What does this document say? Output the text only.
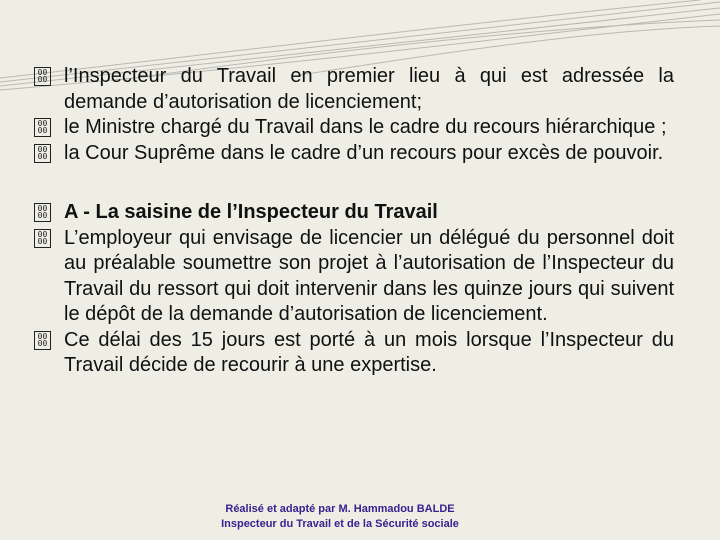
00
00 l’Inspecteur du Travail en premier lieu à qui est adressée la demande d’autorisation de licenciement;
00
00 le Ministre chargé du Travail dans le cadre du recours hiérarchique ;
00
00 la Cour Suprême dans le cadre d’un recours pour excès de pouvoir.
00
00 A - La saisine de l’Inspecteur du Travail
00
00 L’employeur qui envisage de licencier un délégué du personnel doit au préalable soumettre son projet à l’autorisation de l’Inspecteur du Travail du ressort qui doit intervenir dans les quinze jours qui suivent le dépôt de la demande d’autorisation de licenciement.
00
00 Ce délai des 15 jours est porté à un mois lorsque l’Inspecteur du Travail décide de recourir à une expertise.
Réalisé et adapté par M. Hammadou BALDE
Inspecteur du Travail et de la Sécurité sociale
